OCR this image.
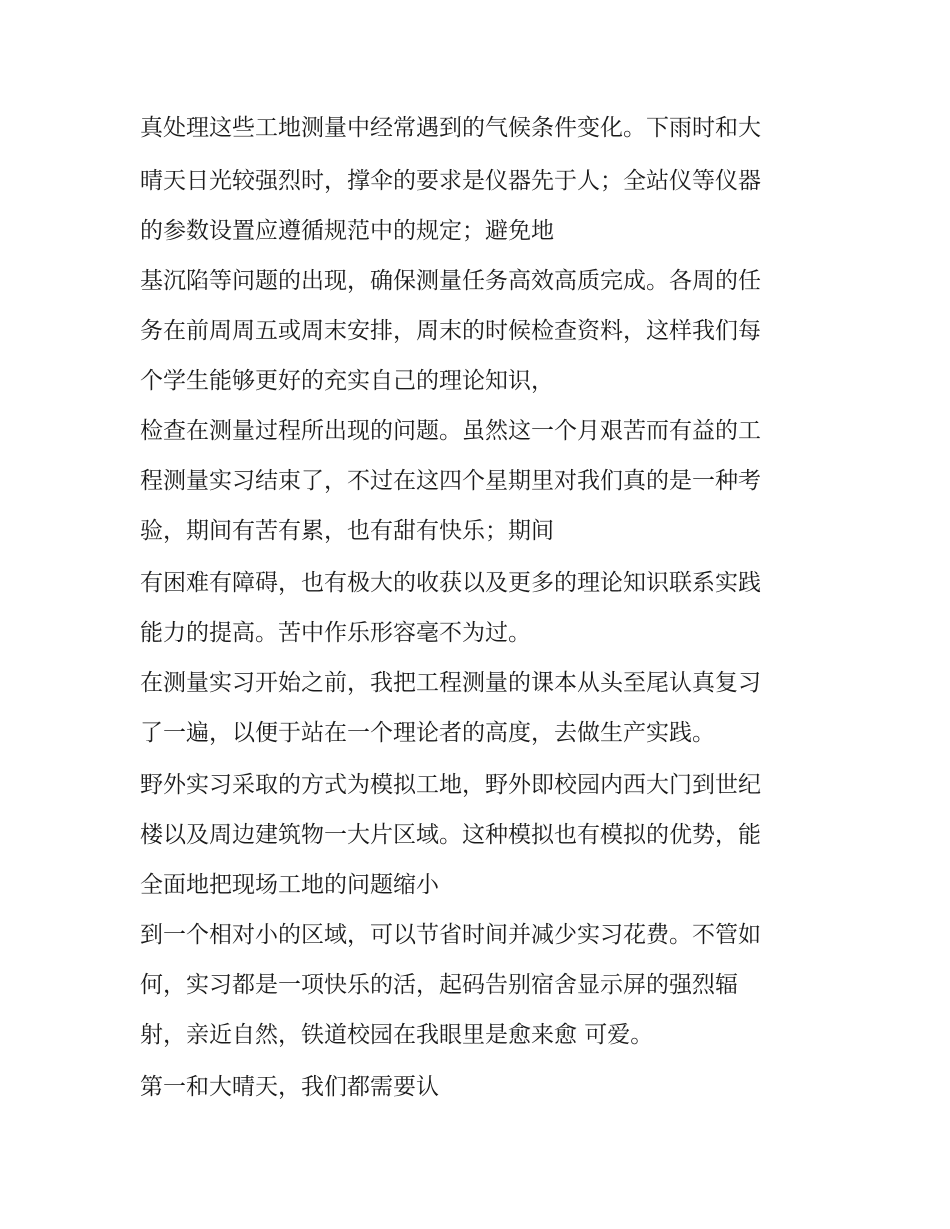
真处理这些工地测量中经常遇到的气候条件变化。下雨时和大
晴天日光较强烈时，撑伞的要求是仪器先于人；全站仪等仪器
的参数设置应遵循规范中的规定；避免地
基沉陷等问题的出现，确保测量任务高效高质完成。各周的任
务在前周周五或周末安排，周末的时候检查资料，这样我们每
个学生能够更好的充实自己的理论知识，
检查在测量过程所出现的问题。虽然这一个月艰苦而有益的工
程测量实习结束了，不过在这四个星期里对我们真的是一种考
验，期间有苦有累，也有甜有快乐；期间
有困难有障碍，也有极大的收获以及更多的理论知识联系实践
能力的提高。苦中作乐形容毫不为过。
在测量实习开始之前，我把工程测量的课本从头至尾认真复习
了一遍，以便于站在一个理论者的高度，去做生产实践。
野外实习采取的方式为模拟工地，野外即校园内西大门到世纪
楼以及周边建筑物一大片区域。这种模拟也有模拟的优势，能
全面地把现场工地的问题缩小
到一个相对小的区域，可以节省时间并减少实习花费。不管如
何，实习都是一项快乐的活，起码告别宿舍显示屏的强烈辐
射，亲近自然，铁道校园在我眼里是愈来愈 可爱。
第一和大晴天，我们都需要认
